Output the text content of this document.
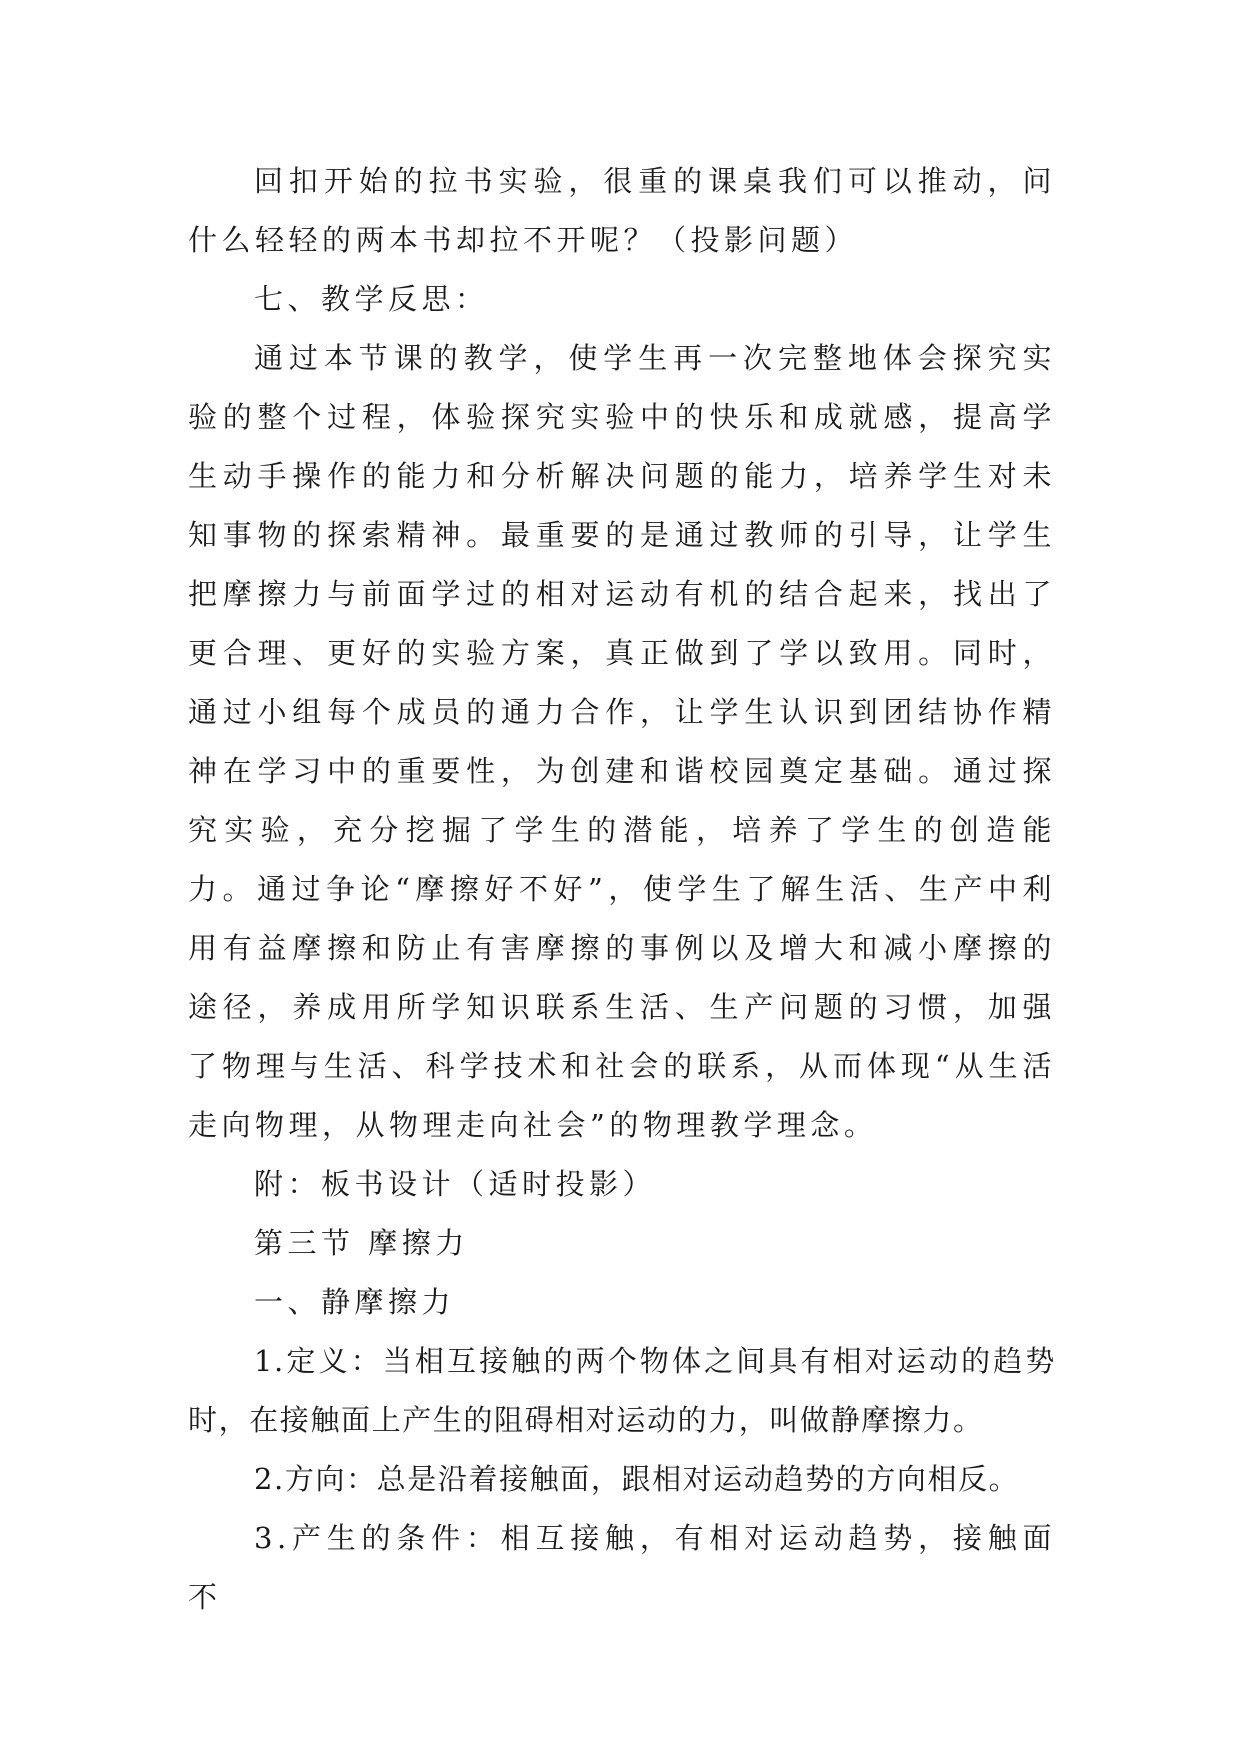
回扣开始的拉书实验，很重的课桌我们可以推动，问什么轻轻的两本书却拉不开呢？（投影问题）

七、教学反思：

通过本节课的教学，使学生再一次完整地体会探究实验的整个过程，体验探究实验中的快乐和成就感，提高学生动手操作的能力和分析解决问题的能力，培养学生对未知事物的探索精神。最重要的是通过教师的引导，让学生把摩擦力与前面学过的相对运动有机的结合起来，找出了更合理、更好的实验方案，真正做到了学以致用。同时，通过小组每个成员的通力合作，让学生认识到团结协作精神在学习中的重要性，为创建和谐校园奠定基础。通过探究实验，充分挖掘了学生的潜能，培养了学生的创造能力。通过争论“摩擦好不好”，使学生了解生活、生产中利用有益摩擦和防止有害摩擦的事例以及增大和减小摩擦的途径，养成用所学知识联系生活、生产问题的习惯，加强了物理与生活、科学技术和社会的联系，从而体现“从生活走向物理，从物理走向社会”的物理教学理念。

附：板书设计（适时投影）

第三节 摩擦力

一、静摩擦力

1.定义：当相互接触的两个物体之间具有相对运动的趋势时，在接触面上产生的阻碍相对运动的力，叫做静摩擦力。

2.方向：总是沿着接触面，跟相对运动趋势的方向相反。

3.产生的条件：相互接触，有相对运动趋势，接触面不
